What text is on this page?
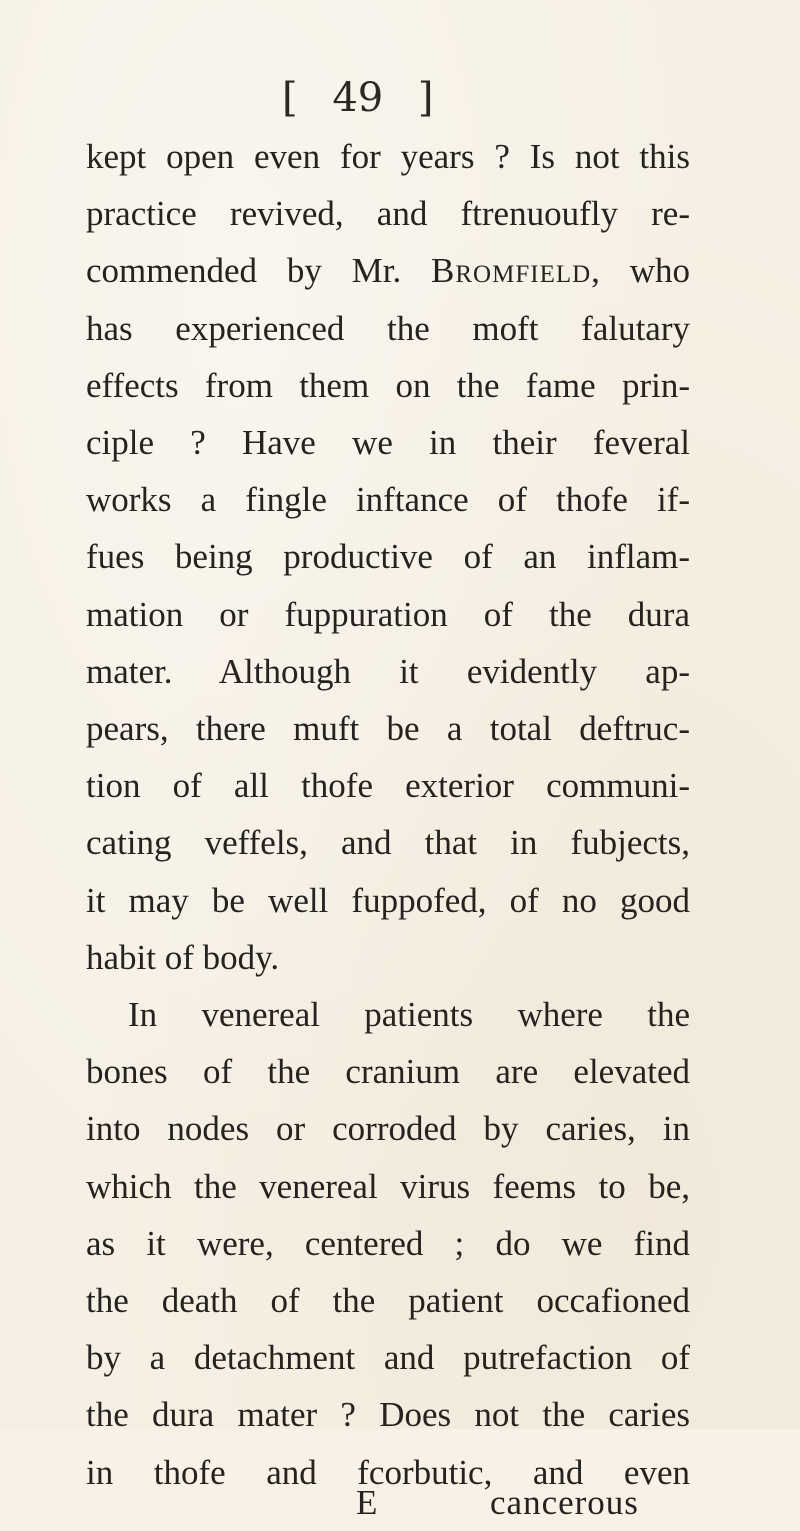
[ 49 ]
kept open even for years ? Is not this
practice revived, and ftrenuoufly re-
commended by Mr. Bromfield, who
has experienced the moft falutary
effects from them on the fame prin-
ciple ? Have we in their feveral
works a fingle inftance of thofe if-
fues being productive of an inflam-
mation or fuppuration of the dura
mater. Although it evidently ap-
pears, there muft be a total deftruc-
tion of all thofe exterior communi-
cating veffels, and that in fubjects,
it may be well fuppofed, of no good
habit of body.
In venereal patients where the
bones of the cranium are elevated
into nodes or corroded by caries, in
which the venereal virus feems to be,
as it were, centered ; do we find
the death of the patient occafioned
by a detachment and putrefaction of
the dura mater ? Does not the caries
in thofe and fcorbutic, and even
E	cancerous
